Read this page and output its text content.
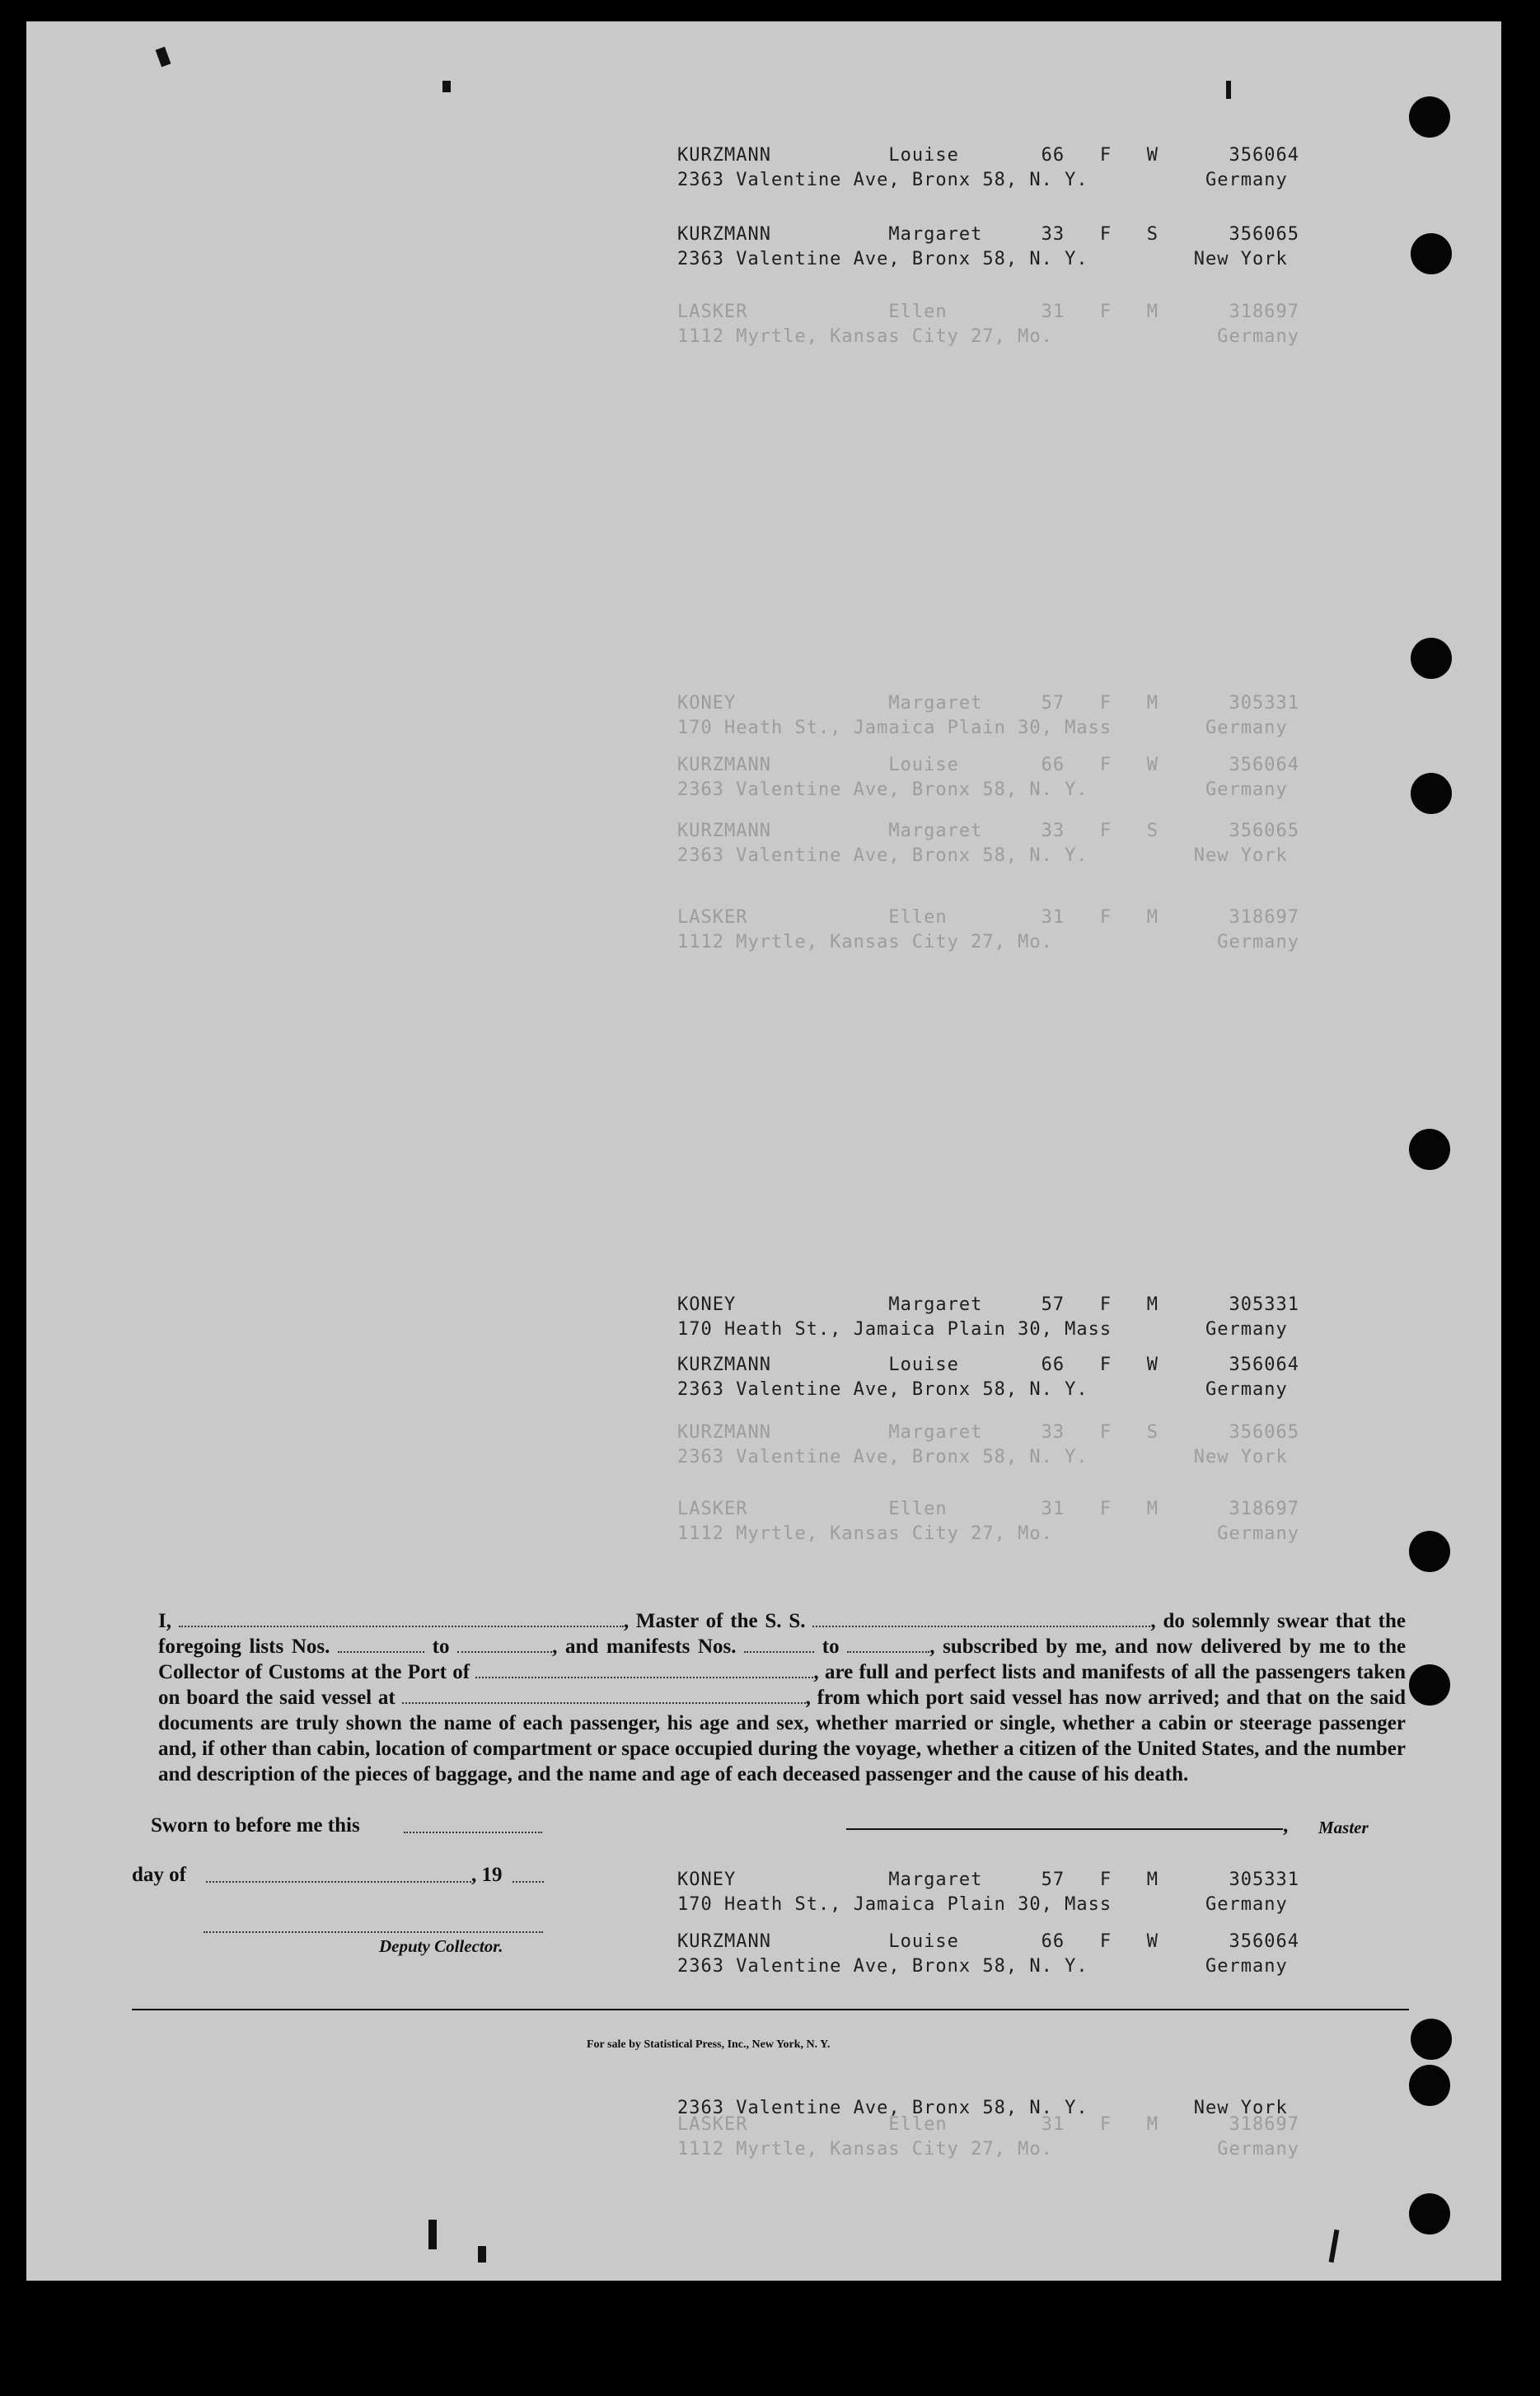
KURZMANN          Louise       66   F   W      356064
2363 Valentine Ave, Bronx 58, N. Y.          Germany
KURZMANN          Margaret     33   F   S      356065
2363 Valentine Ave, Bronx 58, N. Y.         New York
LASKER            Ellen        31   F   M      318697
1112 Myrtle, Kansas City 27, Mo.              Germany
KONEY             Margaret     57   F   M      305331
170 Heath St., Jamaica Plain 30, Mass        Germany
KURZMANN          Louise       66   F   W      356064
2363 Valentine Ave, Bronx 58, N. Y.          Germany
KURZMANN          Margaret     33   F   S      356065
2363 Valentine Ave, Bronx 58, N. Y.         New York
LASKER            Ellen        31   F   M      318697
1112 Myrtle, Kansas City 27, Mo.              Germany
KONEY             Margaret     57   F   M      305331
170 Heath St., Jamaica Plain 30, Mass        Germany
KURZMANN          Louise       66   F   W      356064
2363 Valentine Ave, Bronx 58, N. Y.          Germany
KURZMANN          Margaret     33   F   S      356065
2363 Valentine Ave, Bronx 58, N. Y.         New York
LASKER            Ellen        31   F   M      318697
1112 Myrtle, Kansas City 27, Mo.              Germany
KONEY             Margaret     57   F   M      305331
170 Heath St., Jamaica Plain 30, Mass        Germany
KURZMANN          Louise       66   F   W      356064
2363 Valentine Ave, Bronx 58, N. Y.          Germany

2363 Valentine Ave, Bronx 58, N. Y.         New York
LASKER            Ellen        31   F   M      318697
1112 Myrtle, Kansas City 27, Mo.              Germany
I,	, Master of the S. S.	, do solemnly swear that the foregoing lists Nos.	to	, and manifests Nos.	to	, subscribed by me, and now delivered by me to the Collector of Customs at the Port of	, are full and perfect lists and manifests of all the passengers taken on board the said vessel at	, from which port said vessel has now arrived; and that on the said documents are truly shown the name of each passenger, his age and sex, whether married or single, whether a cabin or steerage passenger and, if other than cabin, location of compartment or space occupied during the voyage, whether a citizen of the United States, and the number and description of the pieces of baggage, and the name and age of each deceased passenger and the cause of his death.
Sworn to before me this
day of	, 19
Deputy Collector.
, Master
For sale by Statistical Press, Inc., New York, N. Y.
